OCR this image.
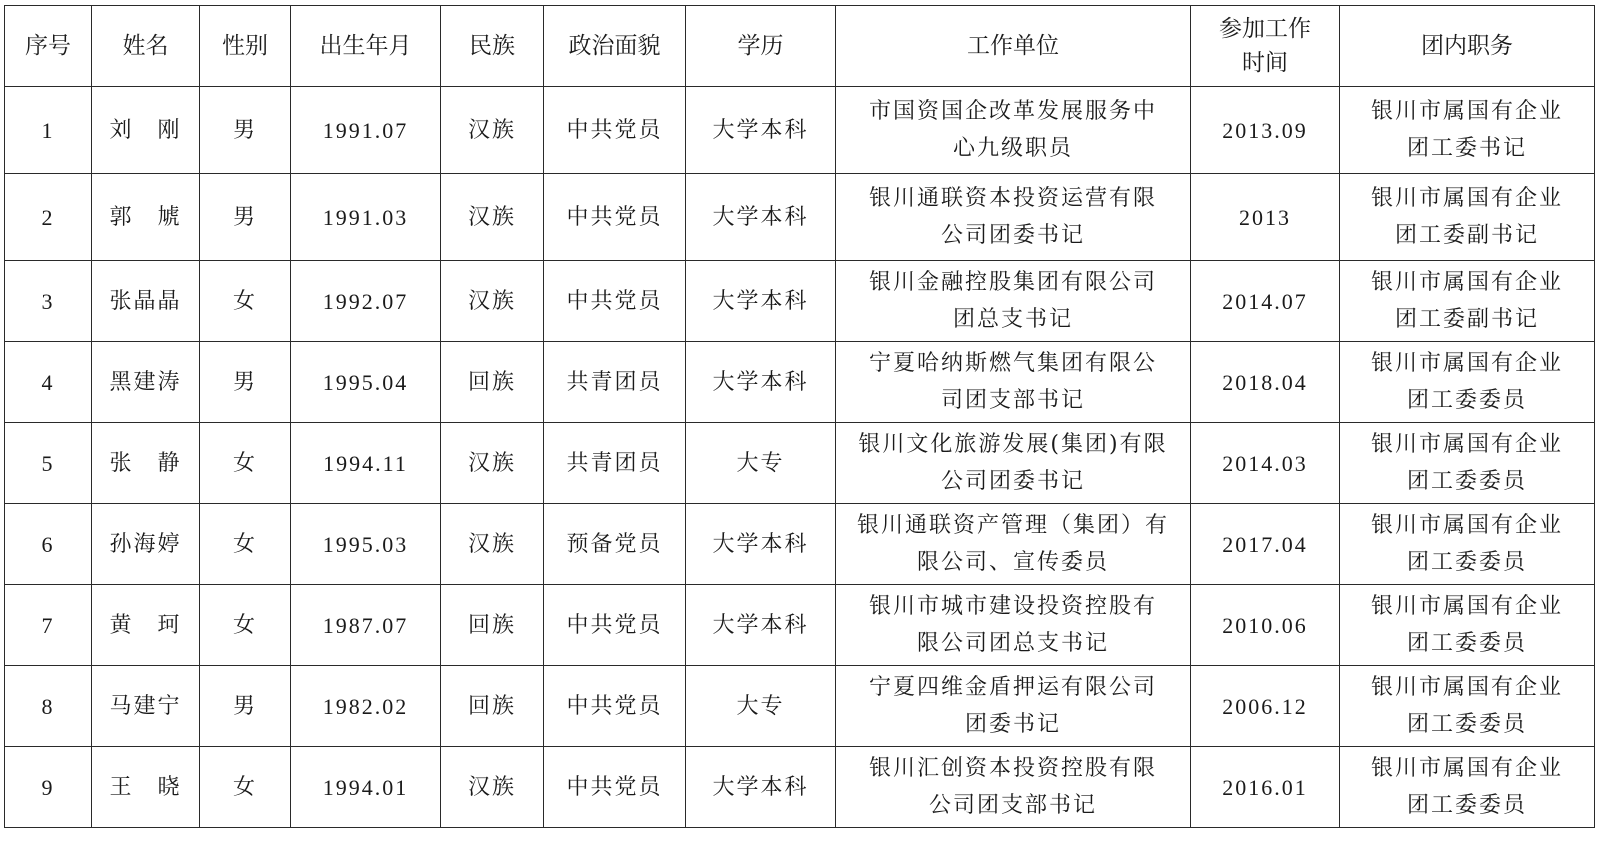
序号	姓名	性别	出生年月	民族	政治面貌	学历	工作单位	参加工作
时间	团内职务
1	刘　刚	男	1991.07	汉族	中共党员	大学本科	市国资国企改革发展服务中
心九级职员	2013.09	银川市属国有企业
团工委书记

2	郭　虓	男	1991.03	汉族	中共党员	大学本科	银川通联资本投资运营有限
公司团委书记	2013	银川市属国有企业
团工委副书记

3	张晶晶	女	1992.07	汉族	中共党员	大学本科	银川金融控股集团有限公司
团总支书记	2014.07	银川市属国有企业
团工委副书记

4	黑建涛	男	1995.04	回族	共青团员	大学本科	宁夏哈纳斯燃气集团有限公
司团支部书记	2018.04	银川市属国有企业
团工委委员

5	张　静	女	1994.11	汉族	共青团员	大专	银川文化旅游发展(集团)有限
公司团委书记	2014.03	银川市属国有企业
团工委委员

6	孙海婷	女	1995.03	汉族	预备党员	大学本科	银川通联资产管理（集团）有
限公司、宣传委员	2017.04	银川市属国有企业
团工委委员

7	黄　珂	女	1987.07	回族	中共党员	大学本科	银川市城市建设投资控股有
限公司团总支书记	2010.06	银川市属国有企业
团工委委员

8	马建宁	男	1982.02	回族	中共党员	大专	宁夏四维金盾押运有限公司
团委书记	2006.12	银川市属国有企业
团工委委员

9	王　晓	女	1994.01	汉族	中共党员	大学本科	银川汇创资本投资控股有限
公司团支部书记	2016.01	银川市属国有企业
团工委委员
